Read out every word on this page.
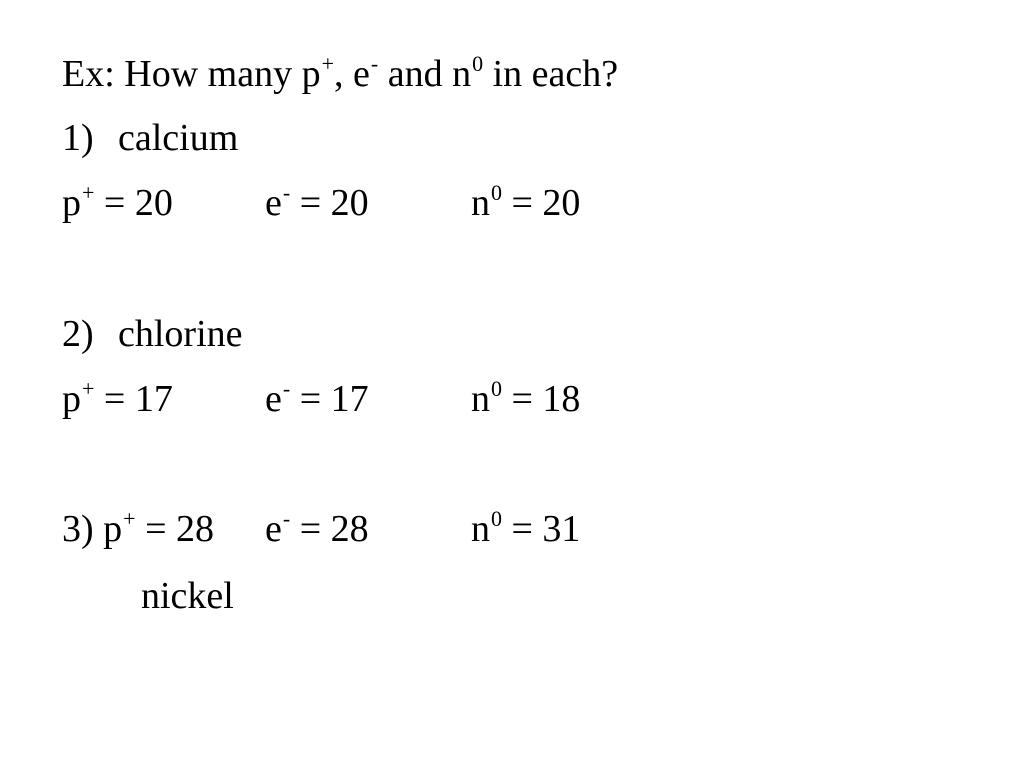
Ex: How many p+, e- and $n^0$ in each?
1) calcium
p+ = 20 e- = 20	$n^0 = 20$
2) chlorine
p+ = 17 e- = 17	$n^0 = 18$
3) p+ = 28 e- = 28	$n^0 = 31$
nickel
